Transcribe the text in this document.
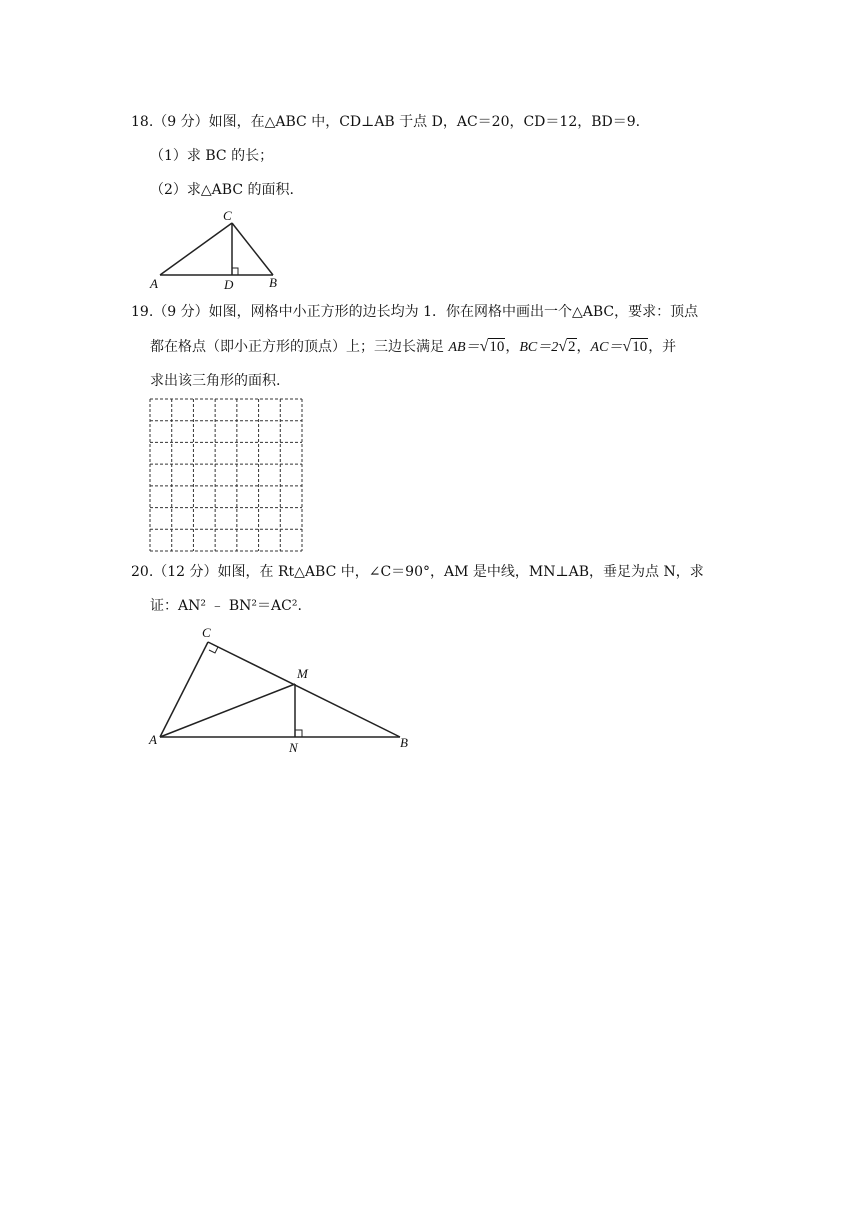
18.（9 分）如图，在△ABC 中，CD⊥AB 于点 D，AC＝20，CD＝12，BD＝9.
（1）求 BC 的长；
（2）求△ABC 的面积.
C
A	D	B
19.（9 分）如图，网格中小正方形的边长均为 1．你在网格中画出一个△ABC，要求：顶点
都在格点（即小正方形的顶点）上；三边长满足 AB＝√10，BC＝2√2，AC＝√10，并
求出该三角形的面积.
20.（12 分）如图，在 Rt△ABC 中，∠C＝90°，AM 是中线，MN⊥AB，垂足为点 N，求
证：AN² ﹣ BN²＝AC².
C
M
A
N	B
